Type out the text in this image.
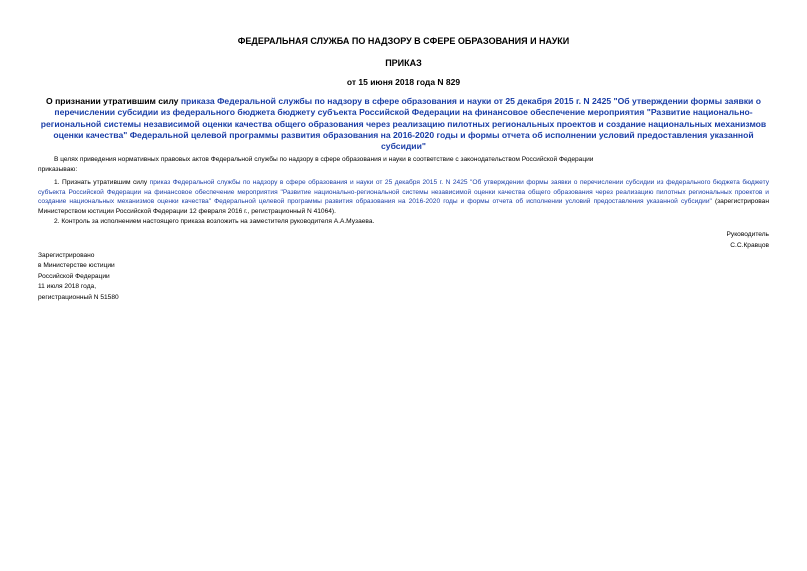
ФЕДЕРАЛЬНАЯ СЛУЖБА ПО НАДЗОРУ В СФЕРЕ ОБРАЗОВАНИЯ И НАУКИ
ПРИКАЗ
от 15 июня 2018 года N 829
О признании утратившим силу приказа Федеральной службы по надзору в сфере образования и науки от 25 декабря 2015 г. N 2425 "Об утверждении формы заявки о перечислении субсидии из федерального бюджета бюджету субъекта Российской Федерации на финансовое обеспечение мероприятия "Развитие национально-региональной системы независимой оценки качества общего образования через реализацию пилотных региональных проектов и создание национальных механизмов оценки качества" Федеральной целевой программы развития образования на 2016-2020 годы и формы отчета об исполнении условий предоставления указанной субсидии"
В целях приведения нормативных правовых актов Федеральной службы по надзору в сфере образования и науки в соответствие с законодательством Российской Федерации
приказываю:
1. Признать утратившим силу приказ Федеральной службы по надзору в сфере образования и науки от 25 декабря 2015 г. N 2425 "Об утверждении формы заявки о перечислении субсидии из федерального бюджета бюджету субъекта Российской Федерации на финансовое обеспечение мероприятия "Развитие национально-региональной системы независимой оценки качества общего образования через реализацию пилотных региональных проектов и создание национальных механизмов оценки качества" Федеральной целевой программы развития образования на 2016-2020 годы и формы отчета об исполнении условий предоставления указанной субсидии" (зарегистрирован Министерством юстиции Российской Федерации 12 февраля 2016 г., регистрационный N 41064).
2. Контроль за исполнением настоящего приказа возложить на заместителя руководителя А.А.Музаева.
Руководитель
С.С.Кравцов
Зарегистрировано
в Министерстве юстиции
Российской Федерации
11 июля 2018 года,
регистрационный N 51580
